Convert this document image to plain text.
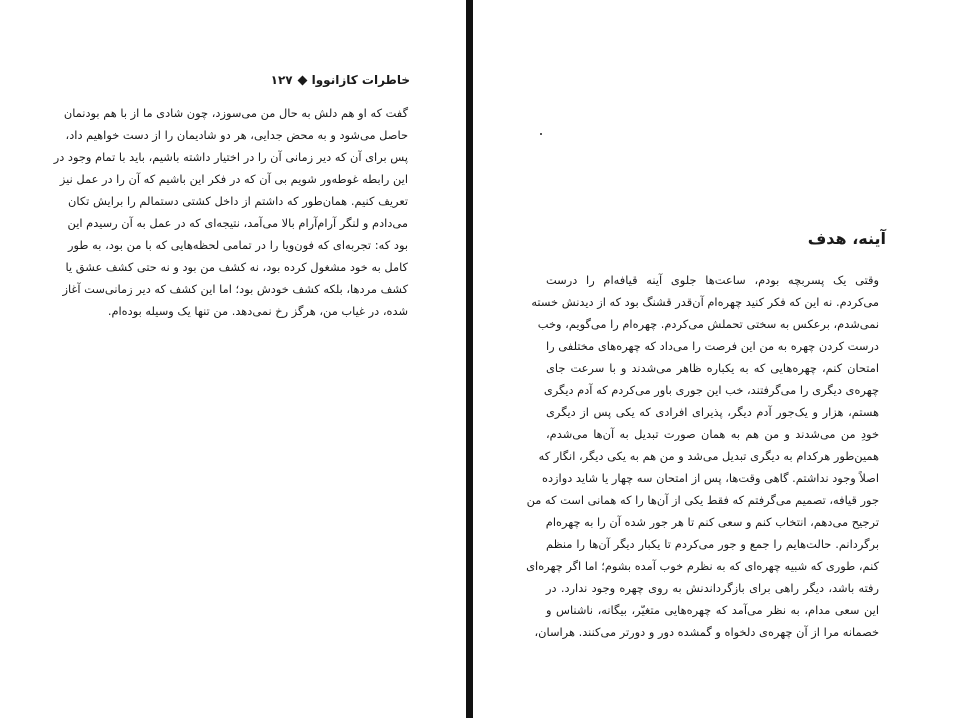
خاطرات کازانووا۱۲۷
گفت که او هم دلش به حال من می‌سوزد، چون شادی ما از با هم بودنمان
حاصل می‌شود و به محض جدایی، هر دو شادیمان را از دست خواهیم داد،
پس برای آن که دیر زمانی آن را در اختیار داشته باشیم، باید با تمام وجود در
این رابطه غوطه‌ور شویم بی آن که در فکر این باشیم که آن را در عمل نیز
تعریف کنیم. همان‌طور که داشتم از داخل کشتی دستمالم را برایش تکان
می‌دادم و لنگر آرام‌آرام بالا می‌آمد، نتیجه‌ای که در عمل به آن رسیدم این
بود که: تجربه‌ای که فون‌ویا را در تمامی لحظه‌هایی که با من بود، به طور
کامل به خود مشغول کرده بود، نه کشف من بود و نه حتی کشف عشق یا
کشف مردها، بلکه کشف خودش بود؛ اما این کشف که دیر زمانی‌ست آغاز
شده، در غیاب من، هرگز رخ نمی‌دهد. من تنها یک وسیله بوده‌ام.
آینه، هدف
وقتی یک پسربچه بودم، ساعت‌ها جلوی آینه قیافه‌ام را درست
می‌کردم. نه این که فکر کنید چهره‌ام آن‌قدر قشنگ بود که از دیدنش خسته
نمی‌شدم، برعکس به سختی تحملش می‌کردم. چهره‌ام را می‌گویم، وخب
درست کردن چهره به من این فرصت را می‌داد که چهره‌های مختلفی را
امتحان کنم، چهره‌هایی که به یکباره ظاهر می‌شدند و با سرعت جای
چهره‌ی دیگری را می‌گرفتند، خب این جوری باور می‌کردم که آدم دیگری
هستم، هزار و یک‌جور آدم دیگر، پذیرای افرادی که یکی پس از دیگری
خودِ من می‌شدند و من هم به همان صورت تبدیل به آن‌ها می‌شدم،
همین‌طور هرکدام به دیگری تبدیل می‌شد و من هم به یکی دیگر، انگار که
اصلاً وجود نداشتم. گاهی وقت‌ها، پس از امتحان سه چهار یا شاید دوازده
جور قیافه، تصمیم می‌گرفتم که فقط یکی از آن‌ها را که همانی است که من
ترجیح می‌دهم، انتخاب کنم و سعی کنم تا هر جور شده آن را به چهره‌ام
برگردانم. حالت‌هایم را جمع و جور می‌کردم تا یکبار دیگر آن‌ها را منظم
کنم، طوری که شبیه چهره‌ای که به نظرم خوب آمده بشوم؛ اما اگر چهره‌ای
رفته باشد، دیگر راهی برای بازگرداندنش به روی چهره وجود ندارد. در
این سعی مدام، به نظر می‌آمد که چهره‌هایی متغیّر، بیگانه، ناشناس و
خصمانه مرا از آن چهره‌ی دلخواه و گمشده دور و دورتر می‌کنند. هراسان،
